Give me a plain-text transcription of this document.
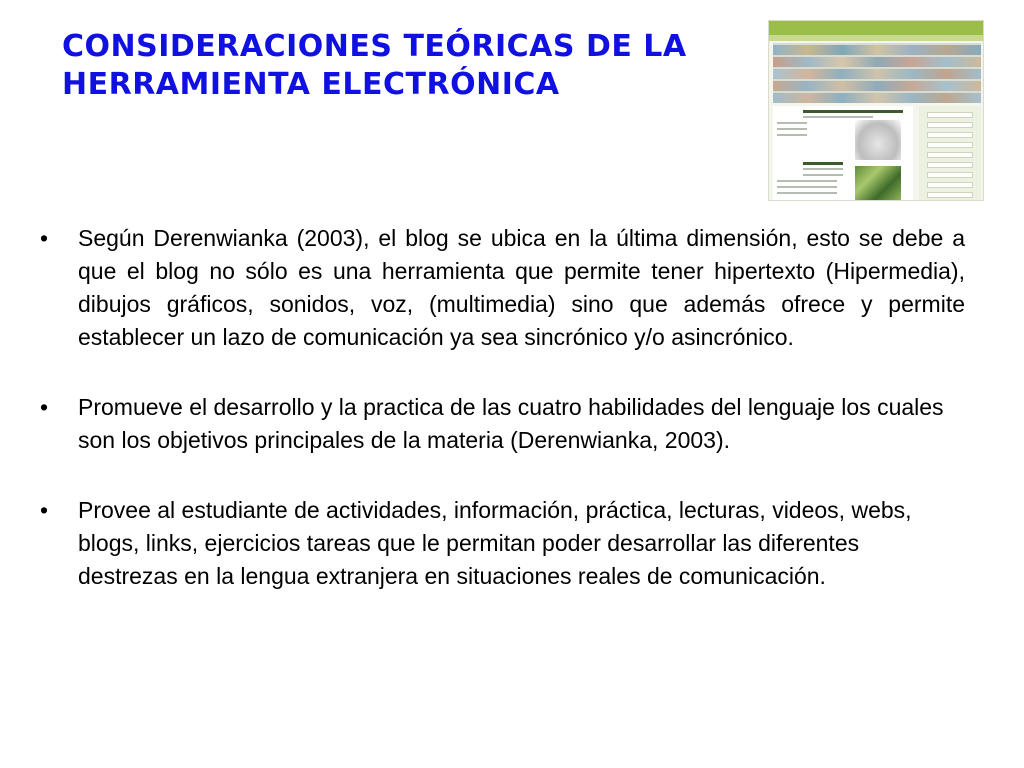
CONSIDERACIONES TEÓRICAS DE LA
HERRAMIENTA ELECTRÓNICA
•	Según Derenwianka (2003), el blog se ubica en la última dimensión, esto se debe a que el blog no sólo es una herramienta que permite tener hipertexto (Hipermedia), dibujos gráficos, sonidos, voz, (multimedia) sino que además ofrece y permite establecer un lazo de comunicación ya sea sincrónico y/o asincrónico.
•	Promueve el desarrollo y la practica de las cuatro habilidades del lenguaje los cuales son los objetivos principales de la materia (Derenwianka, 2003).
•	Provee al estudiante de actividades, información, práctica, lecturas, videos, webs, blogs, links, ejercicios tareas que le permitan poder desarrollar las diferentes destrezas en la lengua extranjera en situaciones reales de comunicación.
